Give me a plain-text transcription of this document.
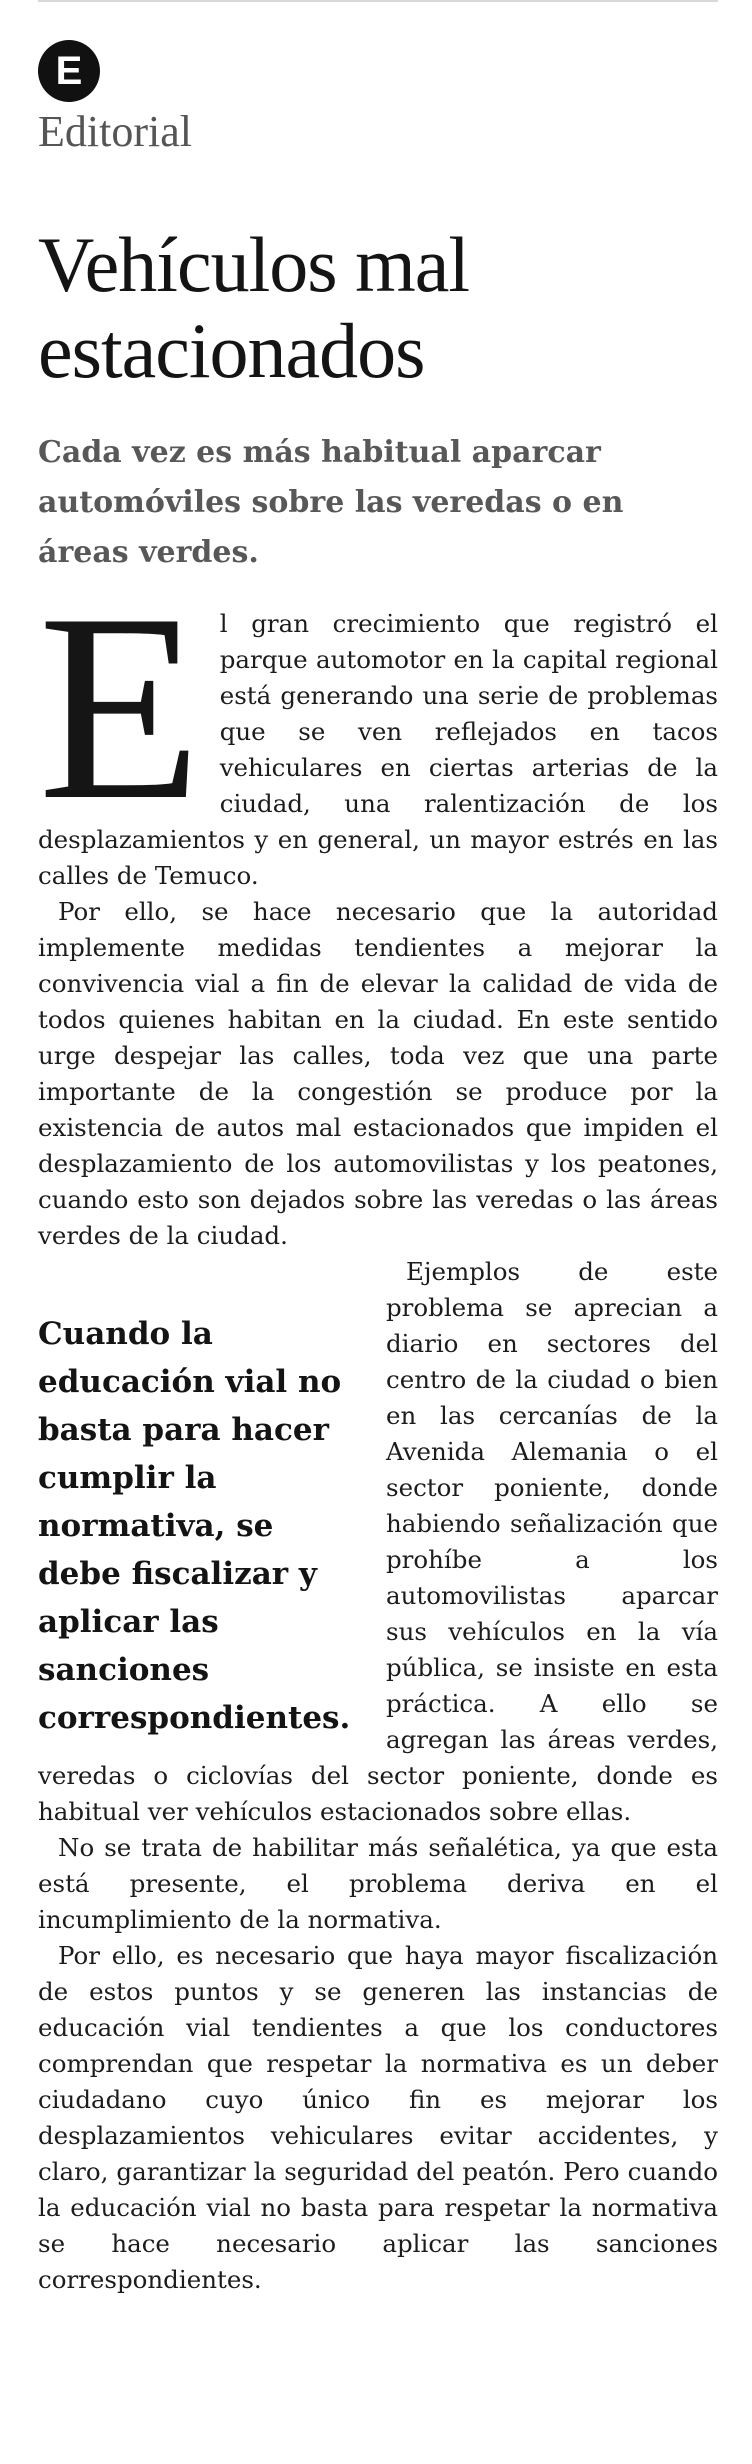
E
Editorial
Vehículos mal estacionados

Cada vez es más habitual aparcar automóviles sobre las veredas o en áreas verdes.

El gran crecimiento que registró el parque automotor en la capital regional está generando una serie de problemas que se ven reflejados en tacos vehiculares en ciertas arterias de la ciudad, una ralentización de los desplazamientos y en general, un mayor estrés en las calles de Temuco.

Por ello, se hace necesario que la autoridad implemente medidas tendientes a mejorar la convivencia vial a fin de elevar la calidad de vida de todos quienes habitan en la ciudad. En este sentido urge despejar las calles, toda vez que una parte importante de la congestión se produce por la existencia de autos mal estacionados que impiden el desplazamiento de los automovilistas y los peatones, cuando esto son dejados sobre las veredas o las áreas verdes de la ciudad.

Cuando la educación vial no basta para hacer cumplir la normativa, se debe fiscalizar y aplicar las sanciones correspondientes.
Ejemplos de este problema se aprecian a diario en sectores del centro de la ciudad o bien en las cercanías de la Avenida Alemania o el sector poniente, donde habiendo señalización que prohíbe a los automovilistas aparcar sus vehículos en la vía pública, se insiste en esta práctica. A ello se agregan las áreas verdes, veredas o ciclovías del sector poniente, donde es habitual ver vehículos estacionados sobre ellas.

No se trata de habilitar más señalética, ya que esta está presente, el problema deriva en el incumplimiento de la normativa.

Por ello, es necesario que haya mayor fiscalización de estos puntos y se generen las instancias de educación vial tendientes a que los conductores comprendan que respetar la normativa es un deber ciudadano cuyo único fin es mejorar los desplazamientos vehiculares evitar accidentes, y claro, garantizar la seguridad del peatón. Pero cuando la educación vial no basta para respetar la normativa se hace necesario aplicar las sanciones correspondientes.
